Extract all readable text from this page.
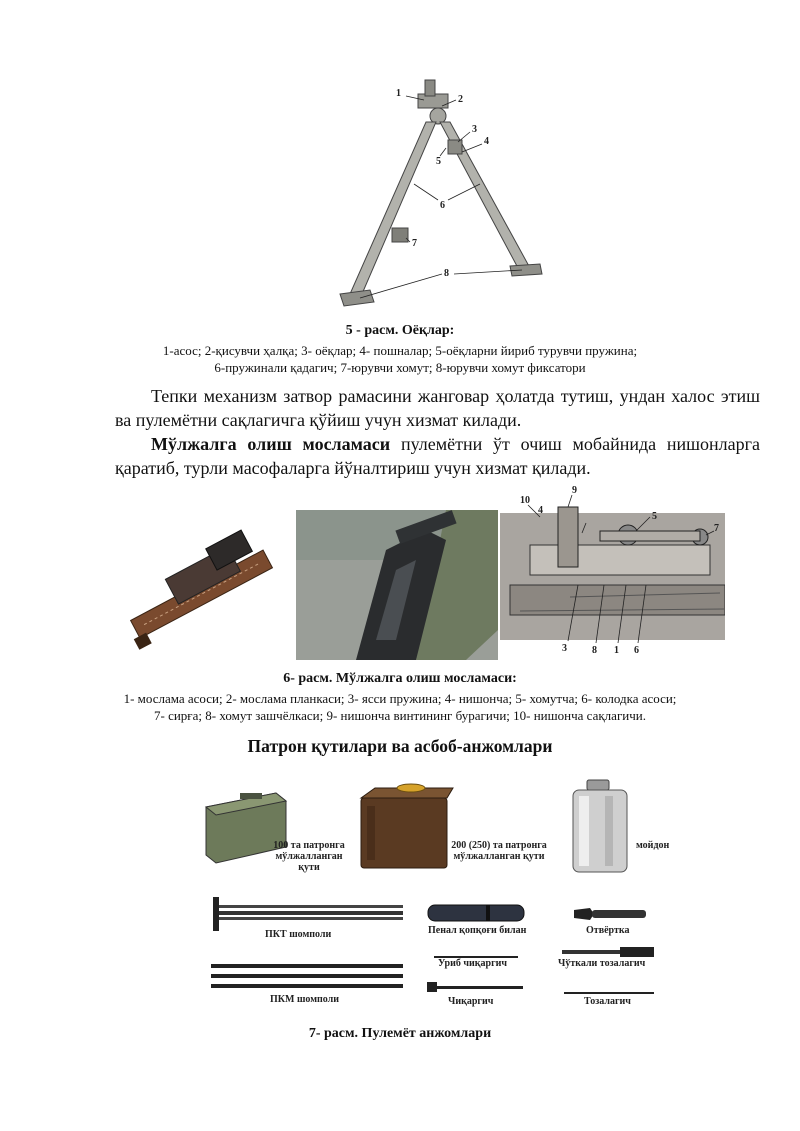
1
2
3
4
5
6
7
8
5 - расм. Оёқлар:
1-асос; 2-қисувчи ҳалқа; 3- оёқлар; 4- пошналар; 5-оёқларни йириб турувчи пружина;
6-пружинали қадагич; 7-юрувчи хомут; 8-юрувчи хомут фиксатори
Тепки механизм затвор рамасини жанговар ҳолатда тутиш, ундан халос этиш ва пулемётни сақлагичга қўйиш учун хизмат килади.
Мўлжалга олиш мосламаси пулемётни ўт очиш мобайнида нишонларга қаратиб, турли масофаларга йўналтириш учун хизмат қилади.
10
4
9
5
7
3	8 1 6
6- расм. Мўлжалга олиш мосламаси:
1- мослама асоси; 2- мослама планкаси; 3- ясси пружина; 4- нишонча; 5- хомутча; 6- колодка асоси;
7- сирға; 8- хомут зашчёлкаси; 9- нишонча винтининг бурагичи; 10- нишонча сақлагичи.
Патрон қутилари ва асбоб-анжомлари
100 та патронга мўлжалланган қути
200 (250) та патронга мўлжалланган қути
мойдон
ПКТ шомполи
ПКМ шомполи
Пенал қопқоғи билан	Отвёртка
Уриб чиқаргич	Чўткали тозалагич
Чиқаргич	Тозалагич
7- расм. Пулемёт анжомлари
